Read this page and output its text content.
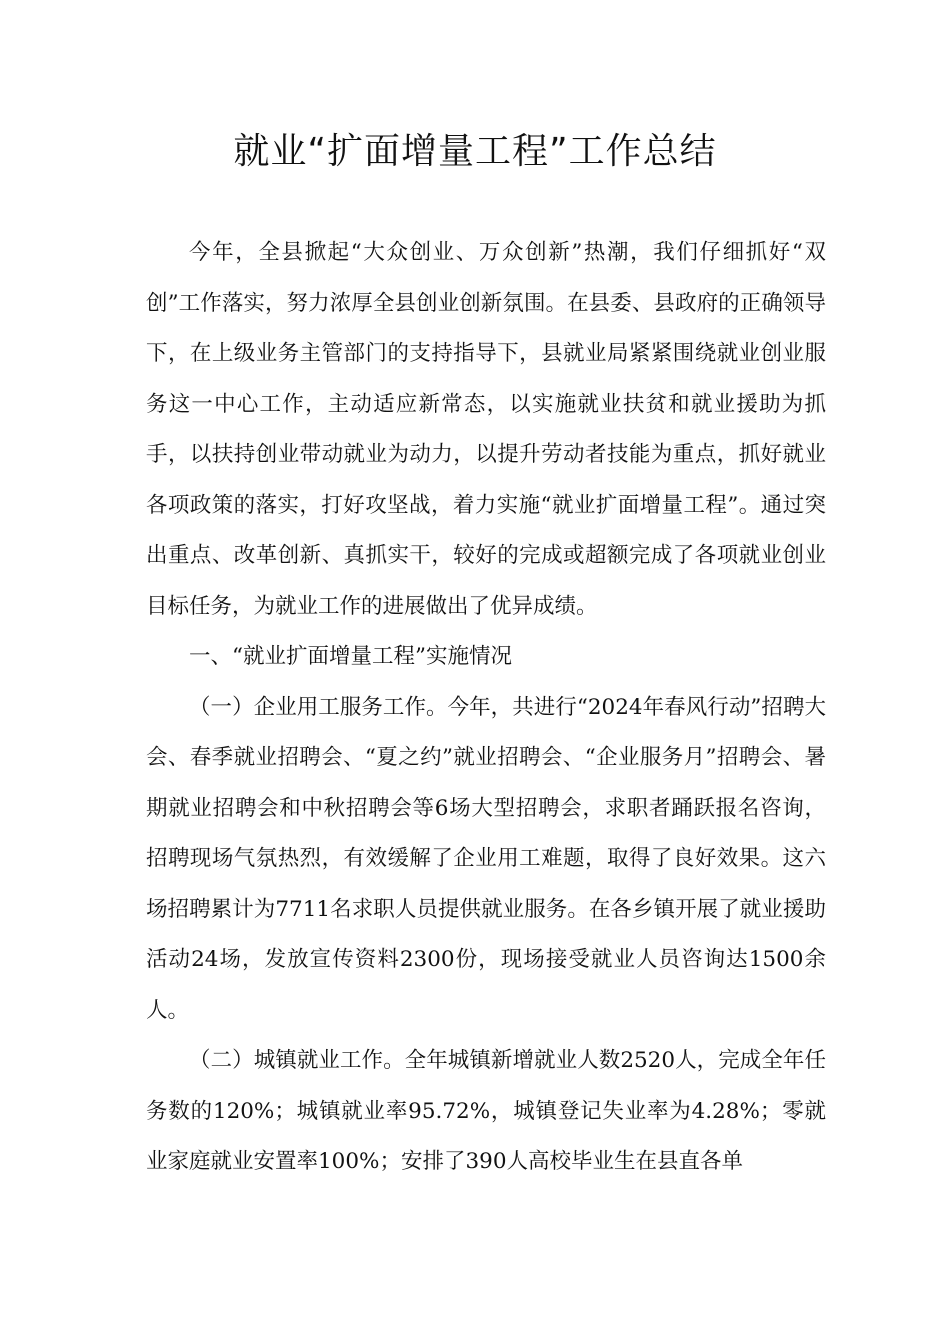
就业“扩面增量工程”工作总结

今年，全县掀起“大众创业、万众创新”热潮，我们仔细抓好“双创”工作落实，努力浓厚全县创业创新氛围。在县委、县政府的正确领导下，在上级业务主管部门的支持指导下，县就业局紧紧围绕就业创业服务这一中心工作，主动适应新常态，以实施就业扶贫和就业援助为抓手，以扶持创业带动就业为动力，以提升劳动者技能为重点，抓好就业各项政策的落实，打好攻坚战，着力实施“就业扩面增量工程”。通过突出重点、改革创新、真抓实干，较好的完成或超额完成了各项就业创业目标任务，为就业工作的进展做出了优异成绩。

一、“就业扩面增量工程”实施情况

（一）企业用工服务工作。今年，共进行“2024年春风行动”招聘大会、春季就业招聘会、“夏之约”就业招聘会、“企业服务月”招聘会、暑期就业招聘会和中秋招聘会等6场大型招聘会，求职者踊跃报名咨询，招聘现场气氛热烈，有效缓解了企业用工难题，取得了良好效果。这六场招聘累计为7711名求职人员提供就业服务。在各乡镇开展了就业援助活动24场，发放宣传资料2300份，现场接受就业人员咨询达1500余人。

（二）城镇就业工作。全年城镇新增就业人数2520人，完成全年任务数的120%；城镇就业率95.72%，城镇登记失业率为4.28%；零就业家庭就业安置率100%；安排了390人高校毕业生在县直各单
